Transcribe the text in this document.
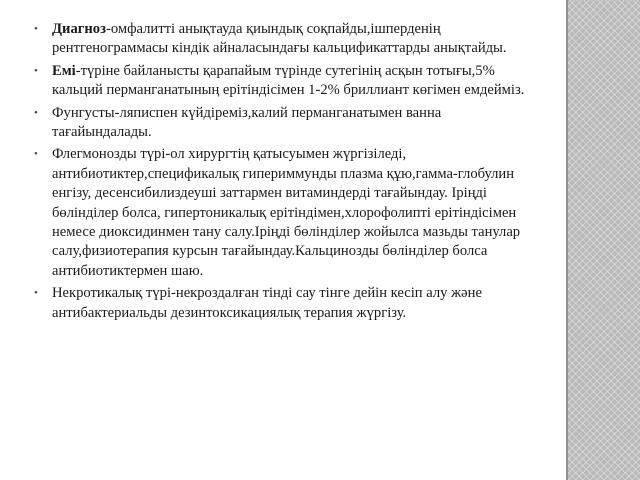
• Диагноз-омфалитті анықтауда қиындық соқпайды,ішперденің рентгенограммасы кіндік айналасындағы кальцификаттарды анықтайды.

• Емі-түріне байланысты қарапайым түрінде сутегінің асқын тотығы,5% кальций перманганатының ерітіндісімен 1-2% бриллиант көгімен емдейміз.

• Фунгусты-ляписпен күйдіреміз,калий перманганатымен ванна тағайындалады.

• Флегмонозды түрі-ол хирургтің қатысуымен жүргізіледі, антибиотиктер,спецификалық гипериммунды плазма құю,гамма-глобулин енгізу, десенсибилиздеуші заттармен витаминдерді тағайындау. Іріңді бөлінділер болса, гипертоникалық ерітіндімен,хлорофолипті ерітіндісімен немесе диоксидинмен тану салу.Іріңді бөлінділер жойылса мазьды танулар салу,физиотерапия курсын тағайындау.Кальцинозды бөлінділер болса антибиотиктермен шаю.

• Некротикалық түрі-некроздалған тінді сау тінге дейін кесіп алу және антибактериальды дезинтоксикациялық терапия жүргізу.
